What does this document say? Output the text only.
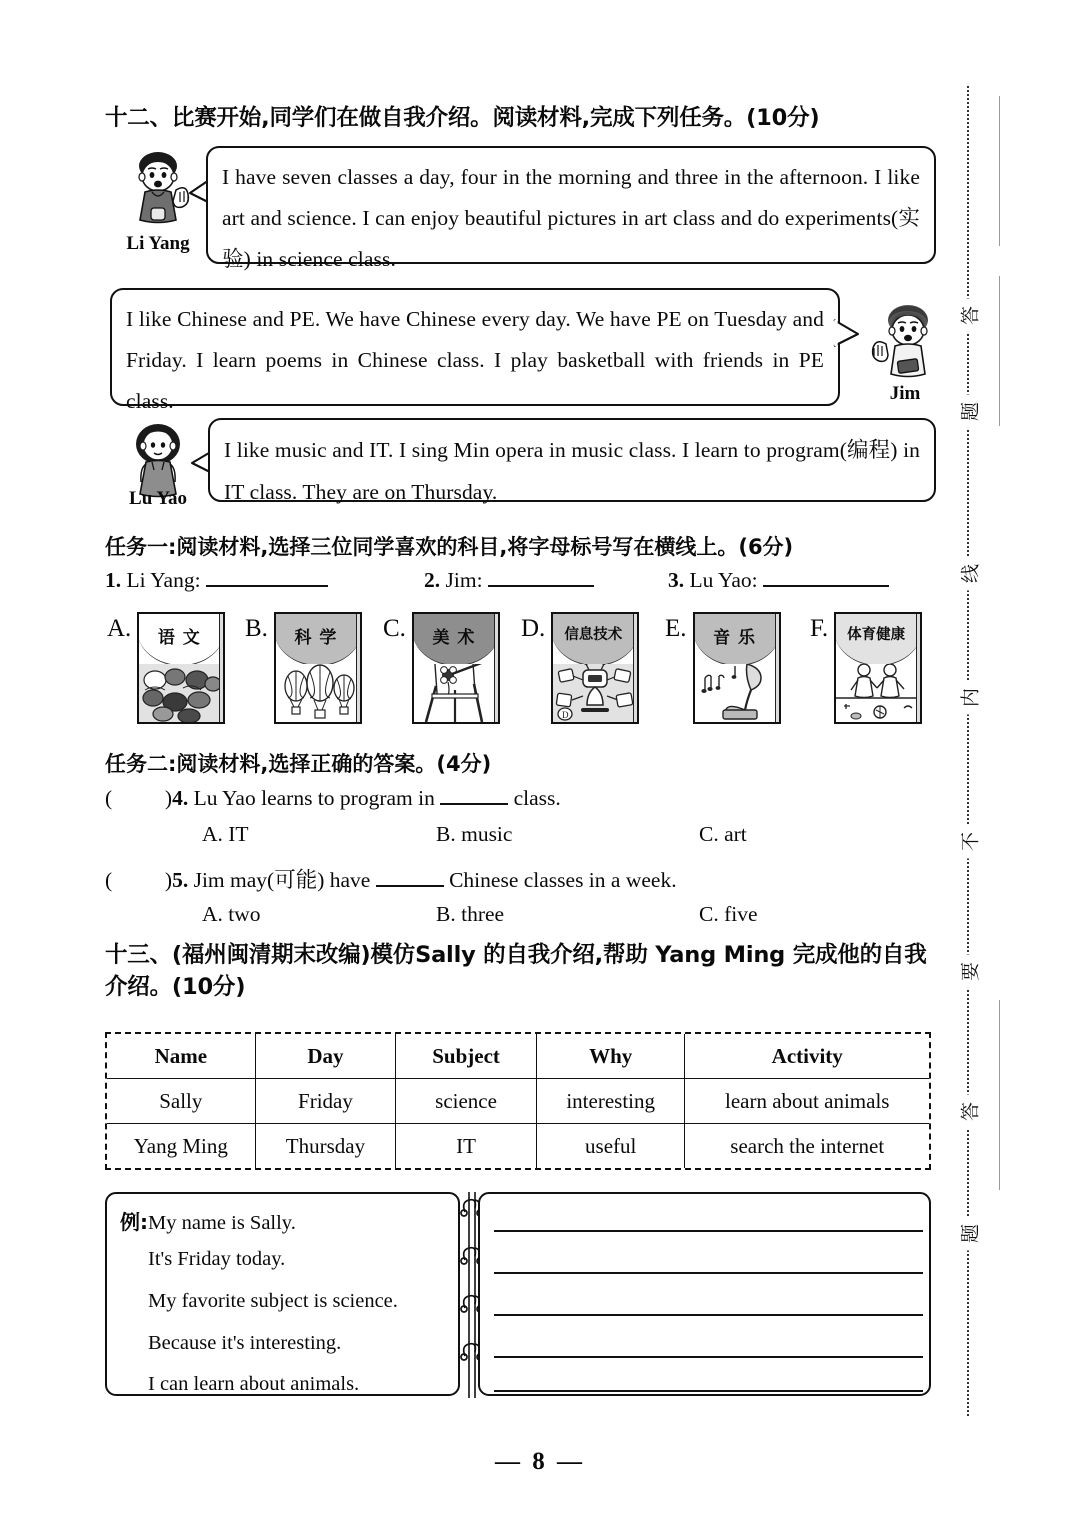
十二、比赛开始,同学们在做自我介绍。阅读材料,完成下列任务。(10分)
Li Yang
I have seven classes a day, four in the morning and three in the afternoon. I like art and science. I can enjoy beautiful pictures in art class and do experiments(实验) in science class.
I like Chinese and PE. We have Chinese every day. We have PE on Tuesday and Friday. I learn poems in Chinese class. I play basketball with friends in PE class.	Jim
Lu Yao
I like music and IT. I sing Min opera in music class. I learn to program(编程) in IT class. They are on Thursday.
任务一:阅读材料,选择三位同学喜欢的科目,将字母标号写在横线上。(6分)
1. Li Yang:	2. Jim:	3. Lu Yao:
A.	语 文	B.	科 学	C.	美 术	D.	信息技术
D
E.	音 乐	F.	体育健康
任务二:阅读材料,选择正确的答案。(4分)
( )4. Lu Yao learns to program in	class.
A. IT	B. music	C. art
( )5. Jim may(可能) have	Chinese classes in a week.
A. two	B. three	C. five
十三、(福州闽清期末改编)模仿Sally 的自我介绍,帮助 Yang Ming 完成他的自我介绍。(10分)
Name	Day	Subject	Why	Activity
Sally	Friday	science	interesting	learn about animals
Yang Ming	Thursday	IT	useful	search the internet
例:My name is Sally.
It's Friday today.
My favorite subject is science.
Because it's interesting.
I can learn about animals.
答
题
线
内
不
要
答
题
— 8 —
